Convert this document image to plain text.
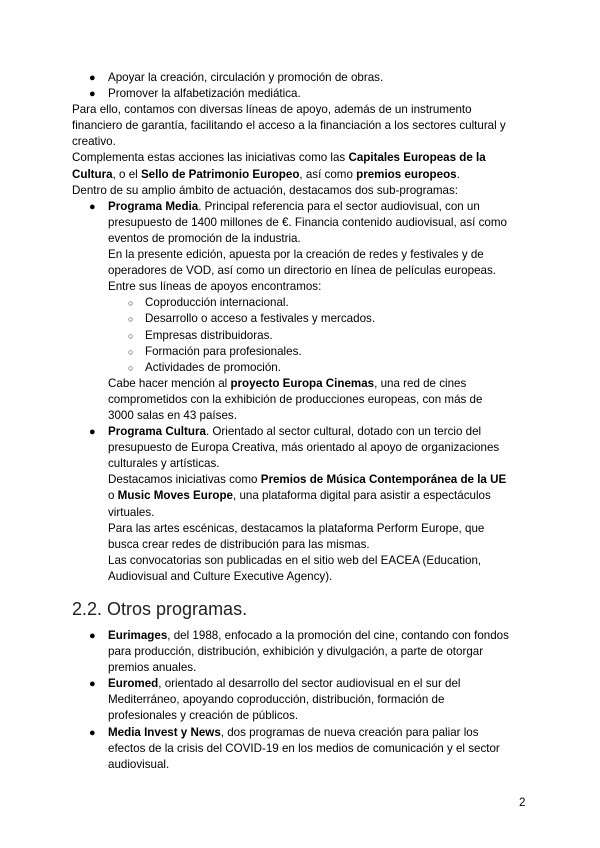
● Apoyar la creación, circulación y promoción de obras.
● Promover la alfabetización mediática.
Para ello, contamos con diversas líneas de apoyo, además de un instrumento
financiero de garantía, facilitando el acceso a la financiación a los sectores cultural y
creativo.
Complementa estas acciones las iniciativas como las Capitales Europeas de la
Cultura, o el Sello de Patrimonio Europeo, así como premios europeos.
Dentro de su amplio ámbito de actuación, destacamos dos sub-programas:
● Programa Media. Principal referencia para el sector audiovisual, con un
presupuesto de 1400 millones de €. Financia contenido audiovisual, así como
eventos de promoción de la industria.
En la presente edición, apuesta por la creación de redes y festivales y de
operadores de VOD, así como un directorio en línea de películas europeas.
Entre sus líneas de apoyos encontramos:
○ Coproducción internacional.
○ Desarrollo o acceso a festivales y mercados.
○ Empresas distribuidoras.
○ Formación para profesionales.
○ Actividades de promoción.
Cabe hacer mención al proyecto Europa Cinemas, una red de cines
comprometidos con la exhibición de producciones europeas, con más de
3000 salas en 43 países.
● Programa Cultura. Orientado al sector cultural, dotado con un tercio del
presupuesto de Europa Creativa, más orientado al apoyo de organizaciones
culturales y artísticas.
Destacamos iniciativas como Premios de Música Contemporánea de la UE
o Music Moves Europe, una plataforma digital para asistir a espectáculos
virtuales.
Para las artes escénicas, destacamos la plataforma Perform Europe, que
busca crear redes de distribución para las mismas.
Las convocatorias son publicadas en el sitio web del EACEA (Education,
Audiovisual and Culture Executive Agency).
2.2. Otros programas.
● Eurimages, del 1988, enfocado a la promoción del cine, contando con fondos
para producción, distribución, exhibición y divulgación, a parte de otorgar
premios anuales.
● Euromed, orientado al desarrollo del sector audiovisual en el sur del
Mediterráneo, apoyando coproducción, distribución, formación de
profesionales y creación de públicos.
● Media Invest y News, dos programas de nueva creación para paliar los
efectos de la crisis del COVID-19 en los medios de comunicación y el sector
audiovisual.
2
